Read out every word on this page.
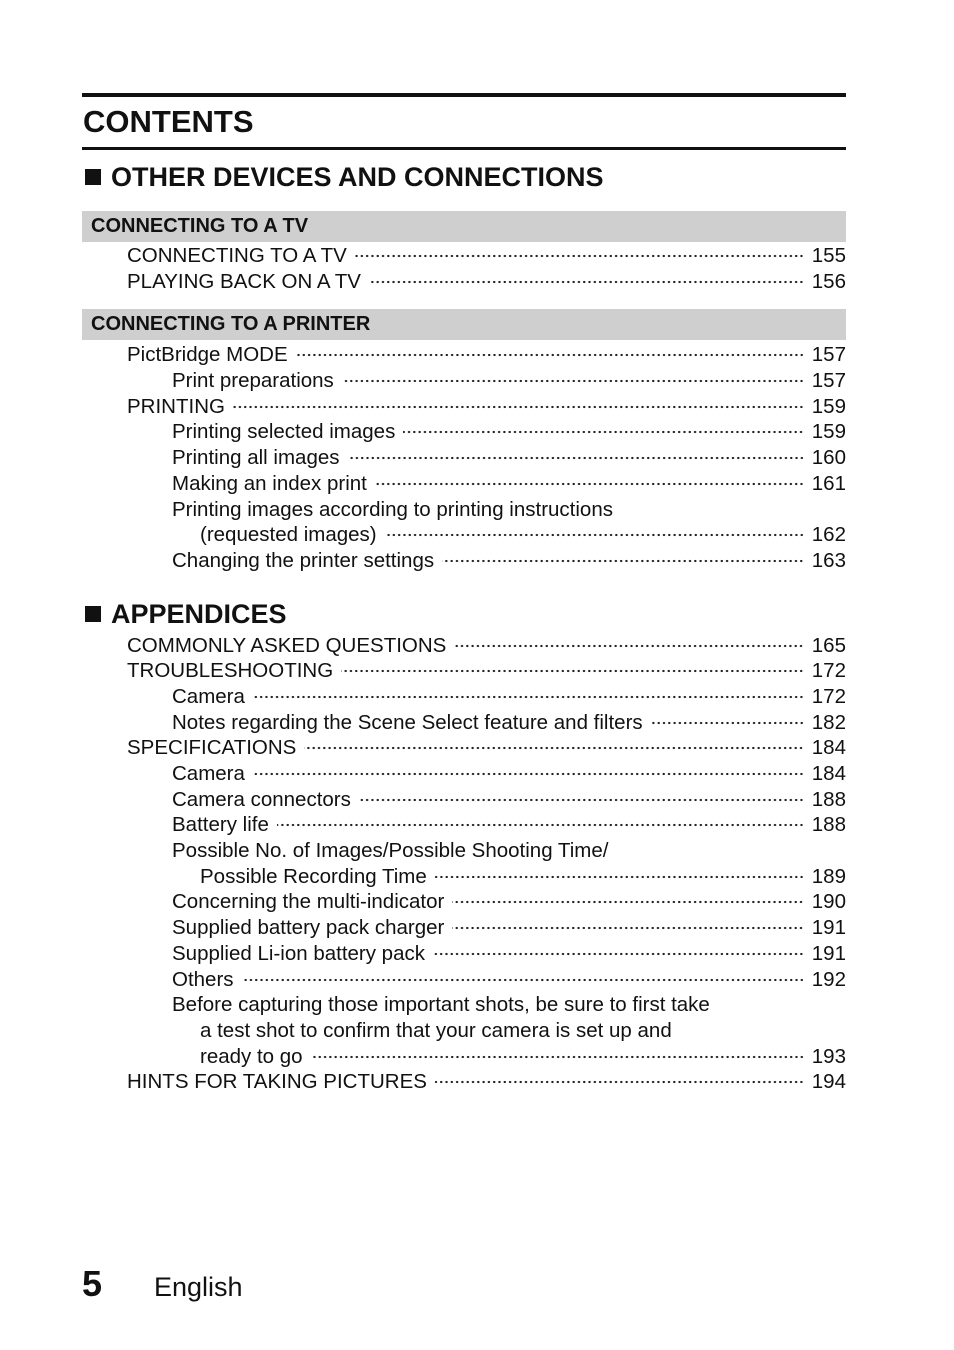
CONTENTS
OTHER DEVICES AND CONNECTIONS
CONNECTING TO A TV
CONNECTING TO A TV	155
PLAYING BACK ON A TV	156
CONNECTING TO A PRINTER
PictBridge MODE	157
Print preparations	157
PRINTING	159
Printing selected images	159
Printing all images	160
Making an index print	161
Printing images according to printing instructions
(requested images)	162
Changing the printer settings	163
APPENDICES
COMMONLY ASKED QUESTIONS	165
TROUBLESHOOTING	172
Camera	172
Notes regarding the Scene Select feature and filters	182
SPECIFICATIONS	184
Camera	184
Camera connectors	188
Battery life	188
Possible No. of Images/Possible Shooting Time/
Possible Recording Time	189
Concerning the multi-indicator	190
Supplied battery pack charger	191
Supplied Li-ion battery pack	191
Others	192
Before capturing those important shots, be sure to first take
a test shot to confirm that your camera is set up and
ready to go	193
HINTS FOR TAKING PICTURES	194
5 English
